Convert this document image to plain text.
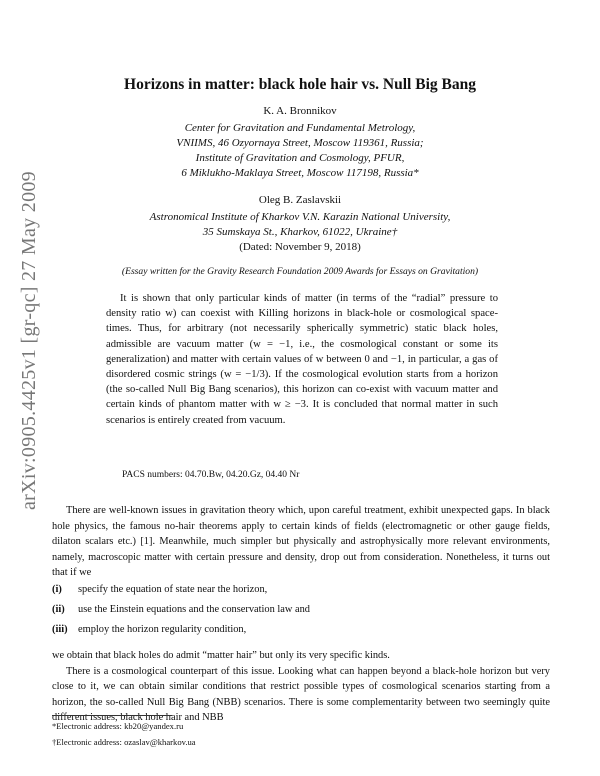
arXiv:0905.4425v1 [gr-qc] 27 May 2009
Horizons in matter: black hole hair vs. Null Big Bang
K. A. Bronnikov
Center for Gravitation and Fundamental Metrology,
VNIIMS, 46 Ozyornaya Street, Moscow 119361, Russia;
Institute of Gravitation and Cosmology, PFUR,
6 Miklukho-Maklaya Street, Moscow 117198, Russia*
Oleg B. Zaslavskii
Astronomical Institute of Kharkov V.N. Karazin National University,
35 Sumskaya St., Kharkov, 61022, Ukraine†
(Dated: November 9, 2018)
(Essay written for the Gravity Research Foundation 2009 Awards for Essays on Gravitation)

It is shown that only particular kinds of matter (in terms of the “radial” pressure to density ratio w) can coexist with Killing horizons in black-hole or cosmological space-times. Thus, for arbitrary (not necessarily spherically symmetric) static black holes, admissible are vacuum matter (w = −1, i.e., the cosmological constant or some its generalization) and matter with certain values of w between 0 and −1, in particular, a gas of disordered cosmic strings (w = −1/3). If the cosmological evolution starts from a horizon (the so-called Null Big Bang scenarios), this horizon can co-exist with vacuum matter and certain kinds of phantom matter with w ≥ −3. It is concluded that normal matter in such scenarios is entirely created from vacuum.

PACS numbers: 04.70.Bw, 04.20.Gz, 04.40 Nr

There are well-known issues in gravitation theory which, upon careful treatment, exhibit unexpected gaps. In black hole physics, the famous no-hair theorems apply to certain kinds of fields (electromagnetic or other gauge fields, dilaton scalars etc.) [1]. Meanwhile, much simpler but physically and astrophysically more relevant environments, namely, macroscopic matter with certain pressure and density, drop out from consideration. Nonetheless, it turns out that if we

(i) specify the equation of state near the horizon,
(ii) use the Einstein equations and the conservation law and
(iii) employ the horizon regularity condition,

we obtain that black holes do admit “matter hair” but only its very specific kinds.

There is a cosmological counterpart of this issue. Looking what can happen beyond a black-hole horizon but very close to it, we can obtain similar conditions that restrict possible types of cosmological scenarios starting from a horizon, the so-called Null Big Bang (NBB) scenarios. There is some complementarity between two seemingly quite different issues, black hole hair and NBB

*Electronic address: kb20@yandex.ru
†Electronic address: ozaslav@kharkov.ua
